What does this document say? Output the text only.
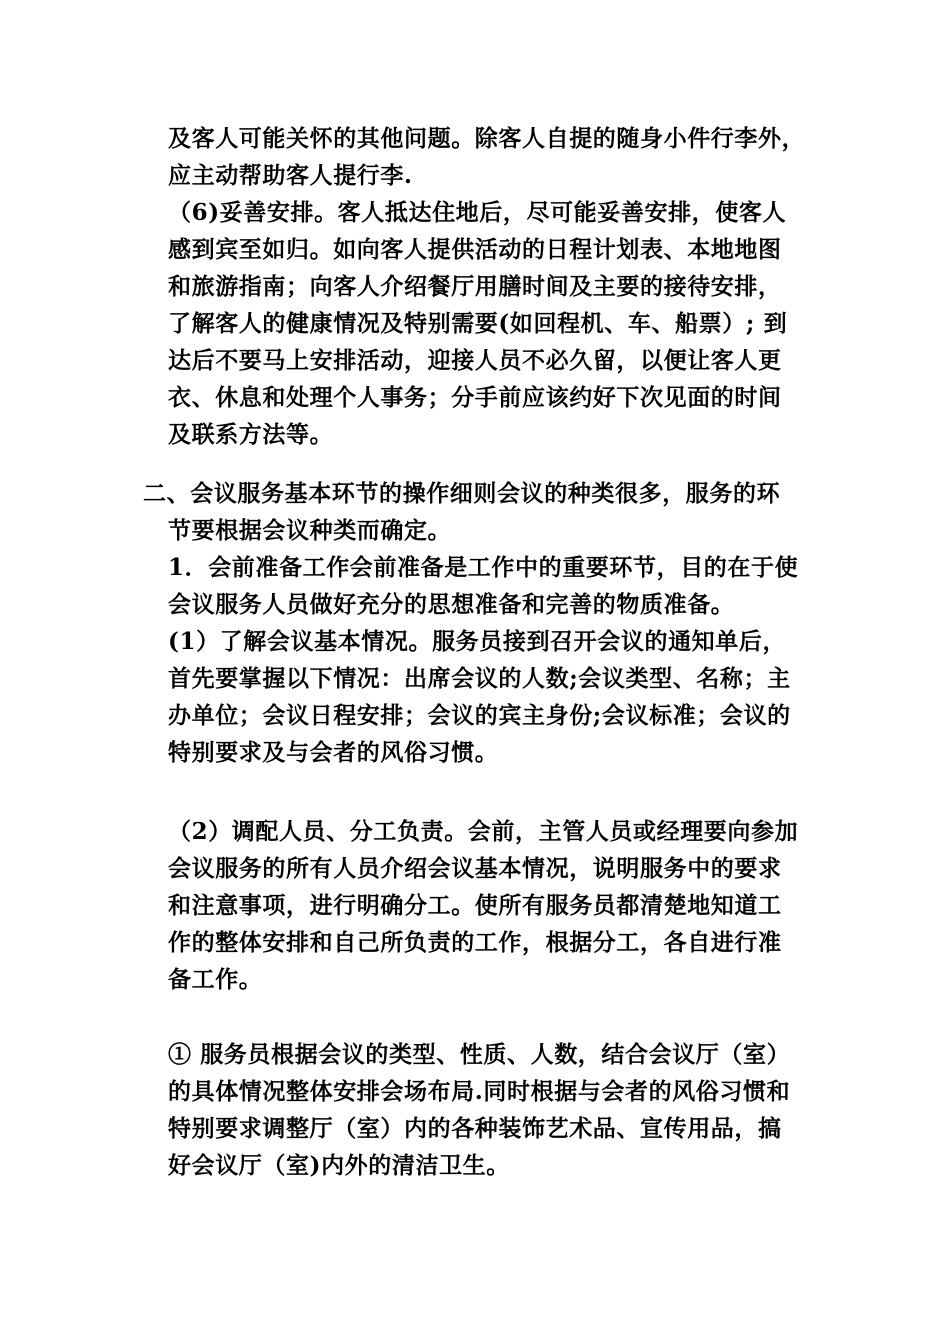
及客人可能关怀的其他问题。除客人自提的随身小件行李外，
应主动帮助客人提行李.
（6)妥善安排。客人抵达住地后，尽可能妥善安排，使客人
感到宾至如归。如向客人提供活动的日程计划表、本地地图
和旅游指南；向客人介绍餐厅用膳时间及主要的接待安排，
了解客人的健康情况及特别需要(如回程机、车、船票）; 到
达后不要马上安排活动，迎接人员不必久留，以便让客人更
衣、休息和处理个人事务；分手前应该约好下次见面的时间
及联系方法等。
二、会议服务基本环节的操作细则会议的种类很多，服务的环
节要根据会议种类而确定。
1．会前准备工作会前准备是工作中的重要环节，目的在于使
会议服务人员做好充分的思想准备和完善的物质准备。
(1）了解会议基本情况。服务员接到召开会议的通知单后，
首先要掌握以下情况：出席会议的人数;会议类型、名称；主
办单位；会议日程安排；会议的宾主身份;会议标准；会议的
特别要求及与会者的风俗习惯。
（2）调配人员、分工负责。会前，主管人员或经理要向参加
会议服务的所有人员介绍会议基本情况，说明服务中的要求
和注意事项，进行明确分工。使所有服务员都清楚地知道工
作的整体安排和自己所负责的工作，根据分工，各自进行准
备工作。
① 服务员根据会议的类型、性质、人数，结合会议厅（室）
的具体情况整体安排会场布局.同时根据与会者的风俗习惯和
特别要求调整厅（室）内的各种装饰艺术品、宣传用品，搞
好会议厅（室)内外的清洁卫生。
